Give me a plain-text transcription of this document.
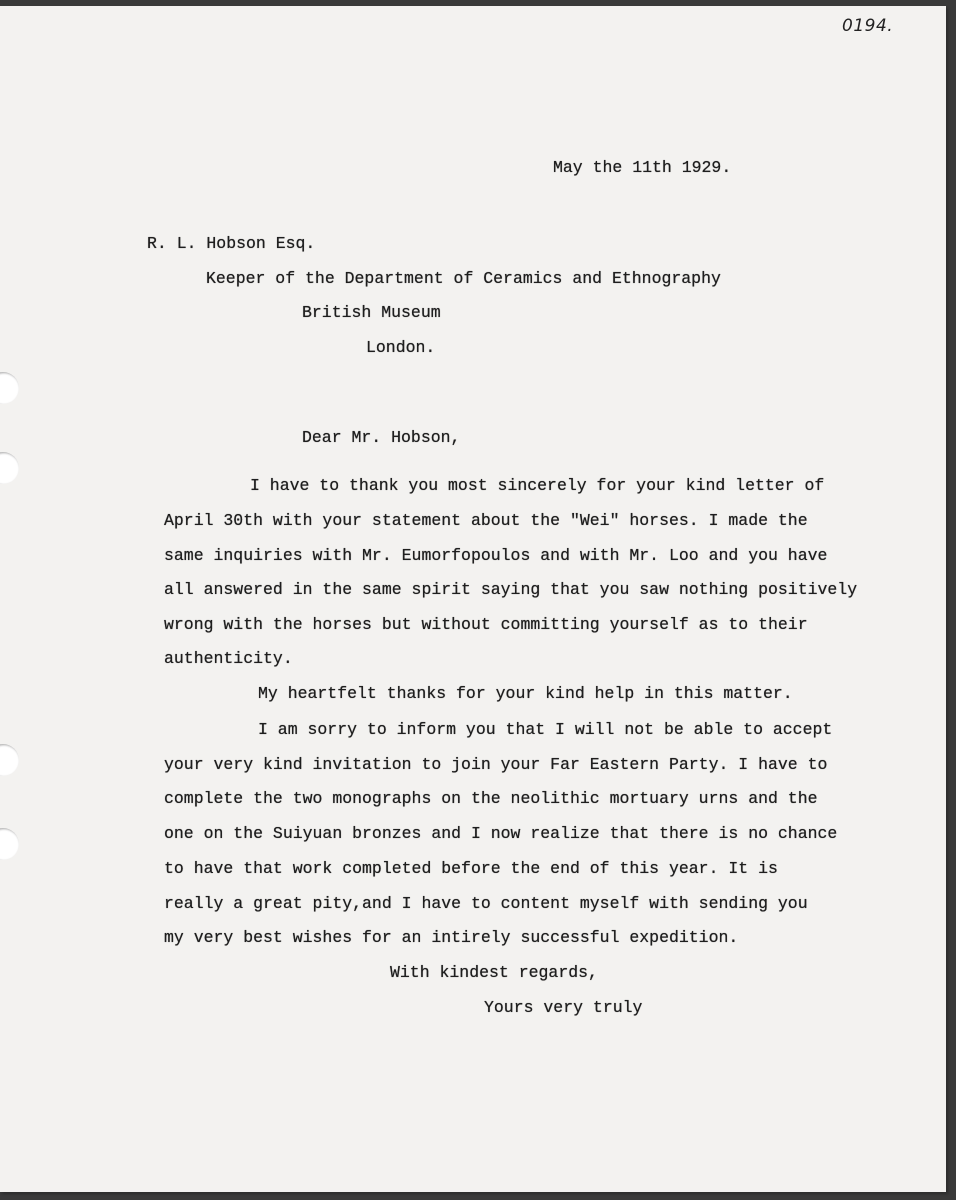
0194.
May the 11th 1929.
R. L. Hobson Esq.
Keeper of the Department of Ceramics and Ethnography
British Museum
London.
Dear Mr. Hobson,
I have to thank you most sincerely for your kind letter of
April 30th with your statement about the "Wei" horses. I made the
same inquiries with Mr. Eumorfopoulos and with Mr. Loo and you have
all answered in the same spirit saying that you saw nothing positively
wrong with the horses but without committing yourself as to their
authenticity.
My heartfelt thanks for your kind help in this matter.
I am sorry to inform you that I will not be able to accept
your very kind invitation to join your Far Eastern Party. I have to
complete the two monographs on the neolithic mortuary urns and the
one on the Suiyuan bronzes and I now realize that there is no chance
to have that work completed before the end of this year. It is
really a great pity,and I have to content myself with sending you
my very best wishes for an intirely successful expedition.
With kindest regards,
Yours very truly
